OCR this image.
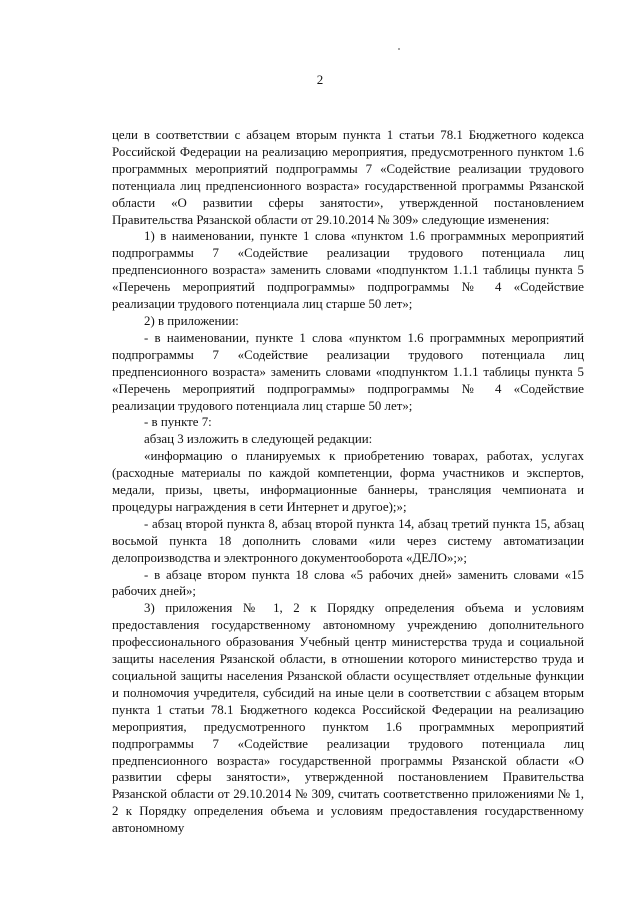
2

цели в соответствии с абзацем вторым пункта 1 статьи 78.1 Бюджетного кодекса Российской Федерации на реализацию мероприятия, предусмотренного пунктом 1.6 программных мероприятий подпрограммы 7 «Содействие реализации трудового потенциала лиц предпенсионного возраста» государственной программы Рязанской области «О развитии сферы занятости», утвержденной постановлением Правительства Рязанской области от 29.10.2014 № 309» следующие изменения:

1) в наименовании, пункте 1 слова «пунктом 1.6 программных мероприятий подпрограммы 7 «Содействие реализации трудового потенциала лиц предпенсионного возраста» заменить словами «подпунктом 1.1.1 таблицы пункта 5 «Перечень мероприятий подпрограммы» подпрограммы № 4 «Содействие реализации трудового потенциала лиц старше 50 лет»;

2) в приложении:

- в наименовании, пункте 1 слова «пунктом 1.6 программных мероприятий подпрограммы 7 «Содействие реализации трудового потенциала лиц предпенсионного возраста» заменить словами «подпунктом 1.1.1 таблицы пункта 5 «Перечень мероприятий подпрограммы» подпрограммы № 4 «Содействие реализации трудового потенциала лиц старше 50 лет»;

- в пункте 7:

абзац 3 изложить в следующей редакции:

«информацию о планируемых к приобретению товарах, работах, услугах (расходные материалы по каждой компетенции, форма участников и экспертов, медали, призы, цветы, информационные баннеры, трансляция чемпионата и процедуры награждения в сети Интернет и другое);»;

- абзац второй пункта 8, абзац второй пункта 14, абзац третий пункта 15, абзац восьмой пункта 18 дополнить словами «или через систему автоматизации делопроизводства и электронного документооборота «ДЕЛО»;»;

- в абзаце втором пункта 18 слова «5 рабочих дней» заменить словами «15 рабочих дней»;

3) приложения № 1, 2 к Порядку определения объема и условиям предоставления государственному автономному учреждению дополнительного профессионального образования Учебный центр министерства труда и социальной защиты населения Рязанской области, в отношении которого министерство труда и социальной защиты населения Рязанской области осуществляет отдельные функции и полномочия учредителя, субсидий на иные цели в соответствии с абзацем вторым пункта 1 статьи 78.1 Бюджетного кодекса Российской Федерации на реализацию мероприятия, предусмотренного пунктом 1.6 программных мероприятий подпрограммы 7 «Содействие реализации трудового потенциала лиц предпенсионного возраста» государственной программы Рязанской области «О развитии сферы занятости», утвержденной постановлением Правительства Рязанской области от 29.10.2014 № 309, считать соответственно приложениями № 1, 2 к Порядку определения объема и условиям предоставления государственному автономному
